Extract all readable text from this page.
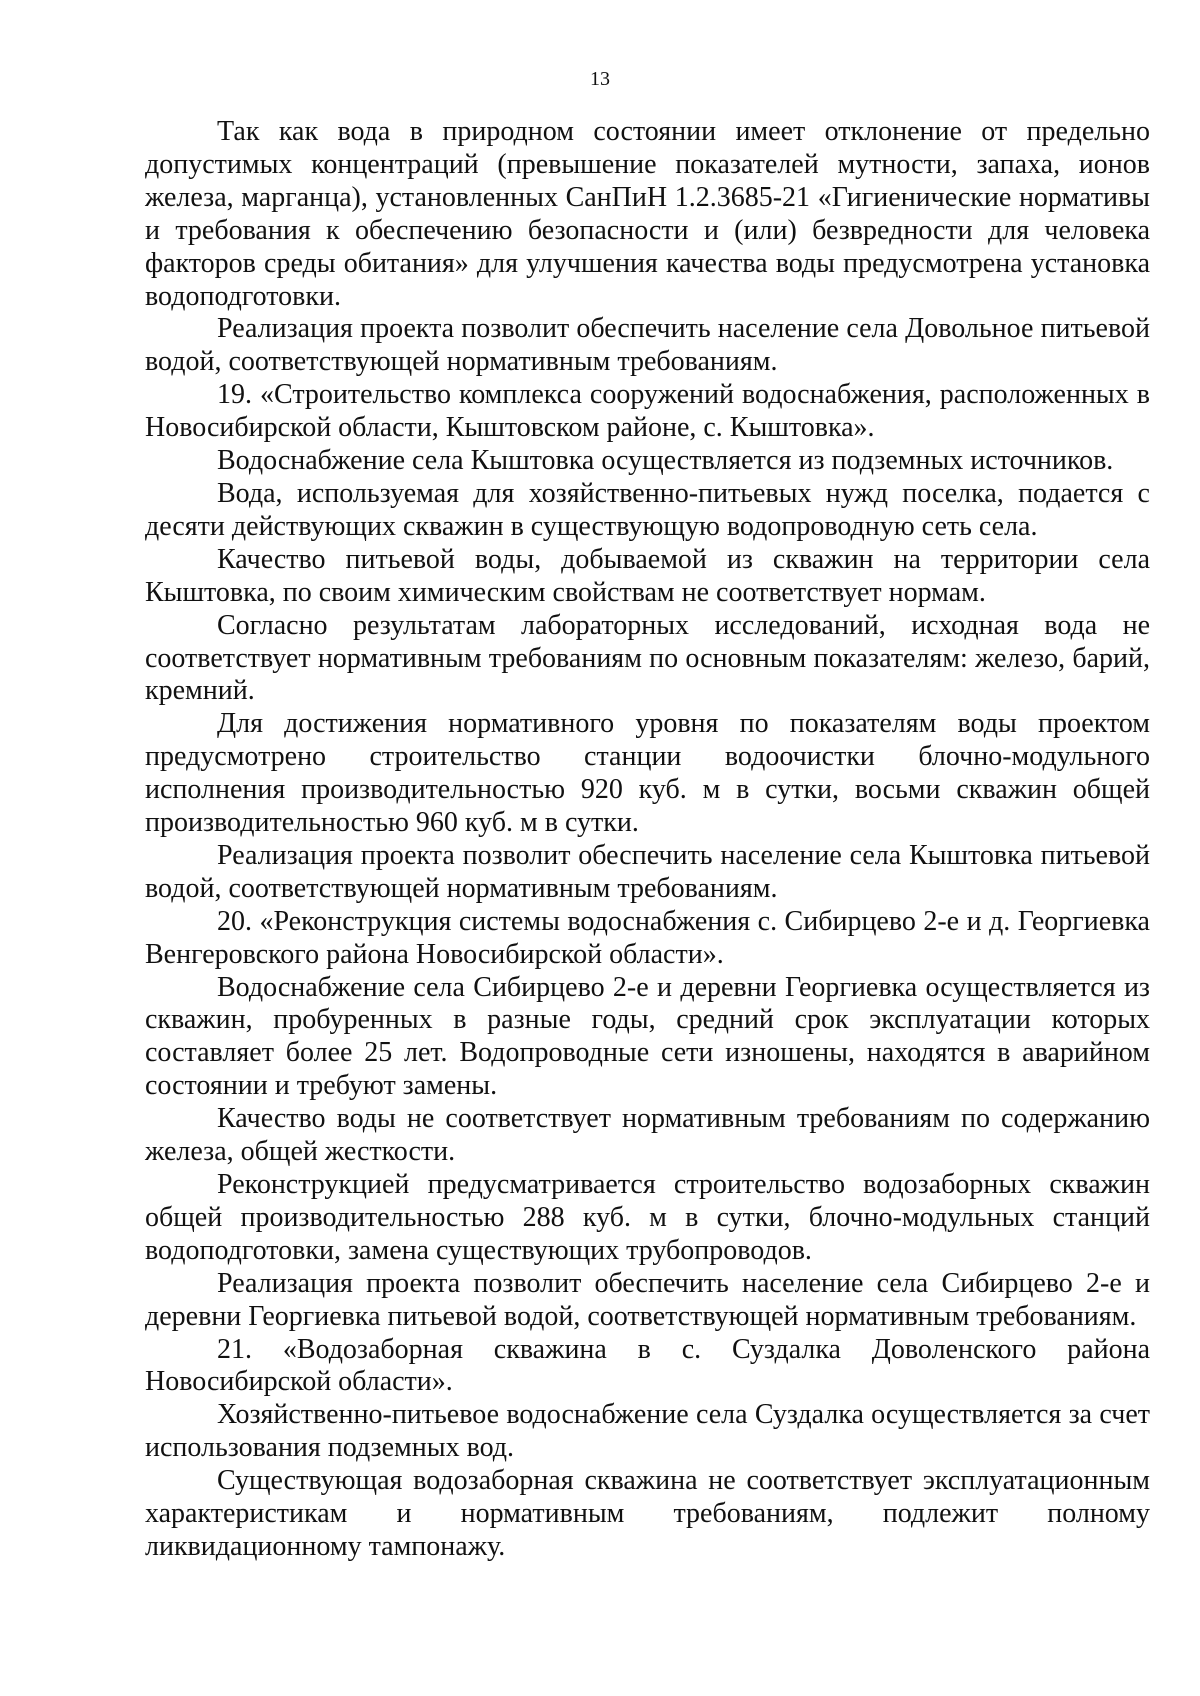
13

Так как вода в природном состоянии имеет отклонение от предельно допустимых концентраций (превышение показателей мутности, запаха, ионов железа, марганца), установленных СанПиН 1.2.3685-21 «Гигиенические нормативы и требования к обеспечению безопасности и (или) безвредности для человека факторов среды обитания» для улучшения качества воды предусмотрена установка водоподготовки.

Реализация проекта позволит обеспечить население села Довольное питьевой водой, соответствующей нормативным требованиям.

19. «Строительство комплекса сооружений водоснабжения, расположенных в Новосибирской области, Кыштовском районе, с. Кыштовка».

Водоснабжение села Кыштовка осуществляется из подземных источников.

Вода, используемая для хозяйственно-питьевых нужд поселка, подается с десяти действующих скважин в существующую водопроводную сеть села.

Качество питьевой воды, добываемой из скважин на территории села Кыштовка, по своим химическим свойствам не соответствует нормам.

Согласно результатам лабораторных исследований, исходная вода не соответствует нормативным требованиям по основным показателям: железо, барий, кремний.

Для достижения нормативного уровня по показателям воды проектом предусмотрено строительство станции водоочистки блочно-модульного исполнения производительностью 920 куб. м в сутки, восьми скважин общей производительностью 960 куб. м в сутки.

Реализация проекта позволит обеспечить население села Кыштовка питьевой водой, соответствующей нормативным требованиям.

20. «Реконструкция системы водоснабжения с. Сибирцево 2-е и д. Георгиевка Венгеровского района Новосибирской области».

Водоснабжение села Сибирцево 2-е и деревни Георгиевка осуществляется из скважин, пробуренных в разные годы, средний срок эксплуатации которых составляет более 25 лет. Водопроводные сети изношены, находятся в аварийном состоянии и требуют замены.

Качество воды не соответствует нормативным требованиям по содержанию железа, общей жесткости.

Реконструкцией предусматривается строительство водозаборных скважин общей производительностью 288 куб. м в сутки, блочно-модульных станций водоподготовки, замена существующих трубопроводов.

Реализация проекта позволит обеспечить население села Сибирцево 2-е и деревни Георгиевка питьевой водой, соответствующей нормативным требованиям.

21. «Водозаборная скважина в с. Суздалка Доволенского района Новосибирской области».

Хозяйственно-питьевое водоснабжение села Суздалка осуществляется за счет использования подземных вод.

Существующая водозаборная скважина не соответствует эксплуатационным характеристикам и нормативным требованиям, подлежит полному ликвидационному тампонажу.
